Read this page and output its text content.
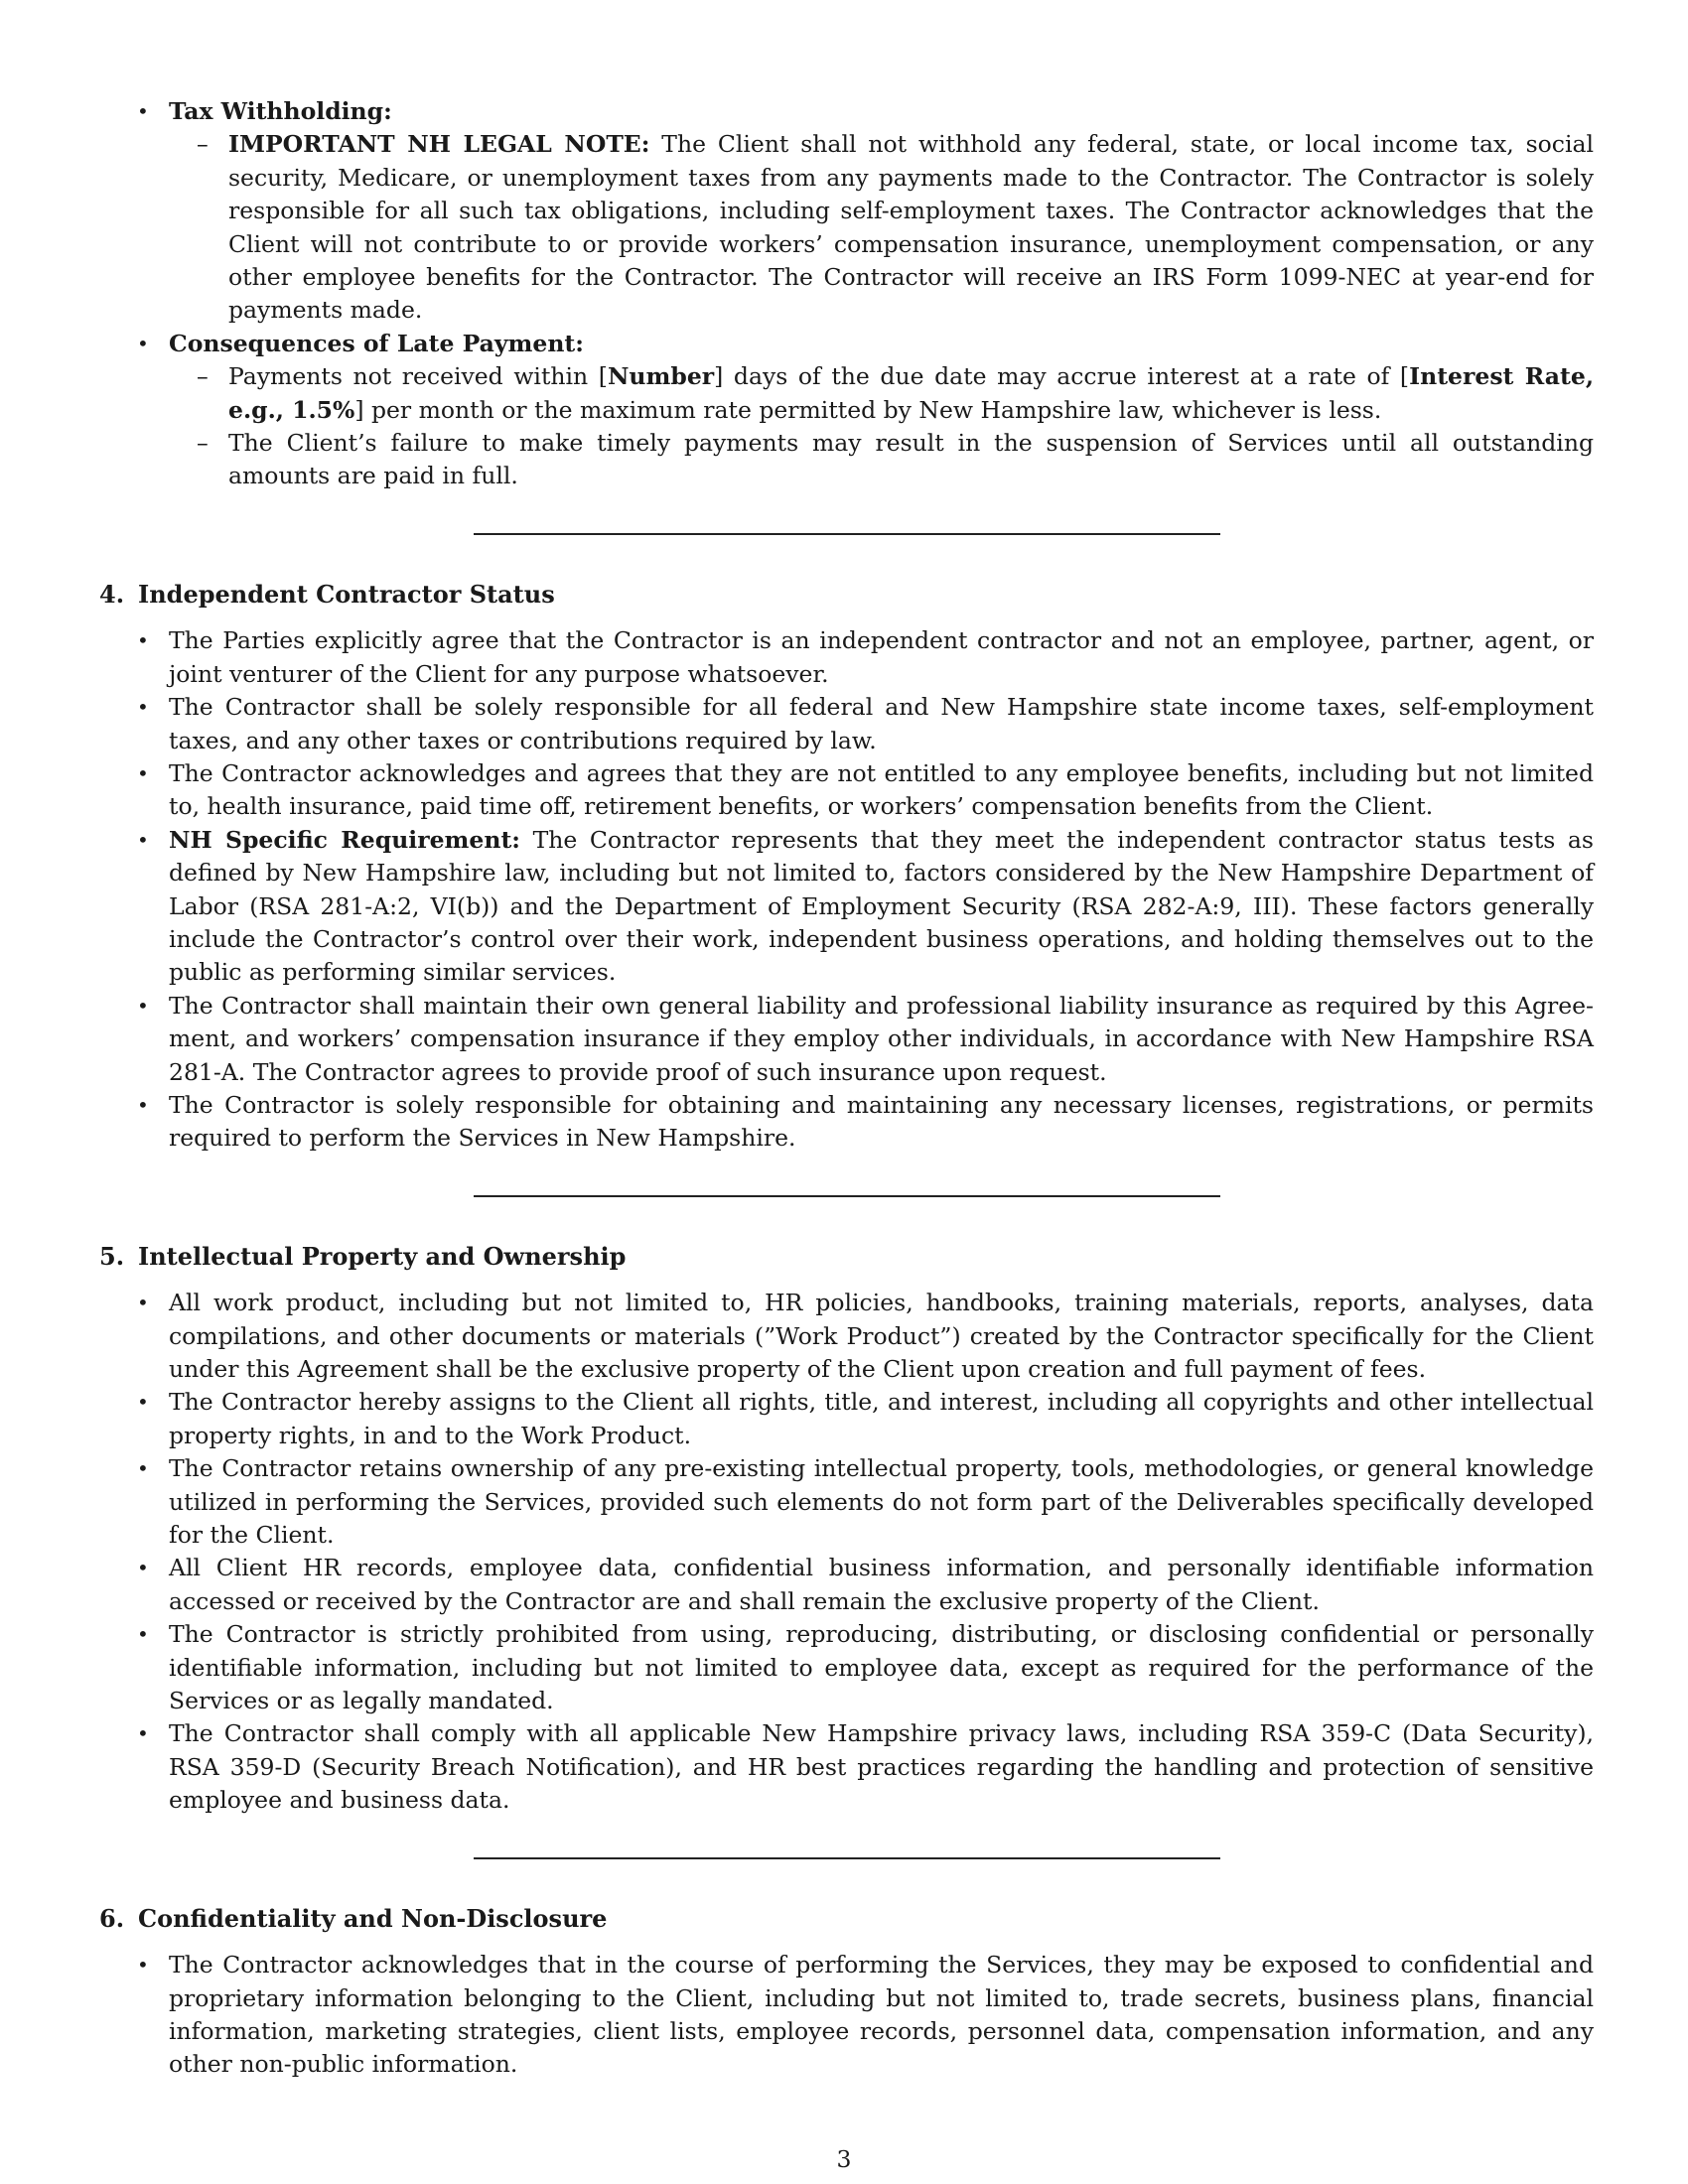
• Tax Withholding:
– IMPORTANT NH LEGAL NOTE: The Client shall not withhold any federal, state, or local income tax, social security, Medicare, or unemployment taxes from any payments made to the Contractor. The Contractor is solely responsible for all such tax obligations, including self-employment taxes. The Contractor acknowledges that the Client will not contribute to or provide workers’ compensation insurance, unemployment compensation, or any other employee benefits for the Contractor. The Contractor will receive an IRS Form 1099-NEC at year-end for payments made.
• Consequences of Late Payment:
– Payments not received within [Number] days of the due date may accrue interest at a rate of [Interest Rate, e.g., 1.5%] per month or the maximum rate permitted by New Hampshire law, whichever is less.
– The Client’s failure to make timely payments may result in the suspension of Services until all outstanding amounts are paid in full.
4. Independent Contractor Status
• The Parties explicitly agree that the Contractor is an independent contractor and not an employee, partner, agent, or joint venturer of the Client for any purpose whatsoever.
• The Contractor shall be solely responsible for all federal and New Hampshire state income taxes, self-employment taxes, and any other taxes or contributions required by law.
• The Contractor acknowledges and agrees that they are not entitled to any employee benefits, including but not limited to, health insurance, paid time off, retirement benefits, or workers’ compensation benefits from the Client.
• NH Specific Requirement: The Contractor represents that they meet the independent contractor status tests as defined by New Hampshire law, including but not limited to, factors considered by the New Hampshire Department of Labor (RSA 281-A:2, VI(b)) and the Department of Employment Security (RSA 282-A:9, III). These factors generally include the Contractor’s control over their work, independent business operations, and holding themselves out to the public as performing similar services.
• The Contractor shall maintain their own general liability and professional liability insurance as required by this Agreement, and workers’ compensation insurance if they employ other individuals, in accordance with New Hampshire RSA 281-A. The Contractor agrees to provide proof of such insurance upon request.
• The Contractor is solely responsible for obtaining and maintaining any necessary licenses, registrations, or permits required to perform the Services in New Hampshire.
5. Intellectual Property and Ownership
• All work product, including but not limited to, HR policies, handbooks, training materials, reports, analyses, data compilations, and other documents or materials (”Work Product”) created by the Contractor specifically for the Client under this Agreement shall be the exclusive property of the Client upon creation and full payment of fees.
• The Contractor hereby assigns to the Client all rights, title, and interest, including all copyrights and other intellectual property rights, in and to the Work Product.
• The Contractor retains ownership of any pre-existing intellectual property, tools, methodologies, or general knowledge utilized in performing the Services, provided such elements do not form part of the Deliverables specifically developed for the Client.
• All Client HR records, employee data, confidential business information, and personally identifiable information accessed or received by the Contractor are and shall remain the exclusive property of the Client.
• The Contractor is strictly prohibited from using, reproducing, distributing, or disclosing confidential or personally identifiable information, including but not limited to employee data, except as required for the performance of the Services or as legally mandated.
• The Contractor shall comply with all applicable New Hampshire privacy laws, including RSA 359-C (Data Security), RSA 359-D (Security Breach Notification), and HR best practices regarding the handling and protection of sensitive employee and business data.
6. Confidentiality and Non-Disclosure
• The Contractor acknowledges that in the course of performing the Services, they may be exposed to confidential and proprietary information belonging to the Client, including but not limited to, trade secrets, business plans, financial information, marketing strategies, client lists, employee records, personnel data, compensation information, and any other non-public information.
3
